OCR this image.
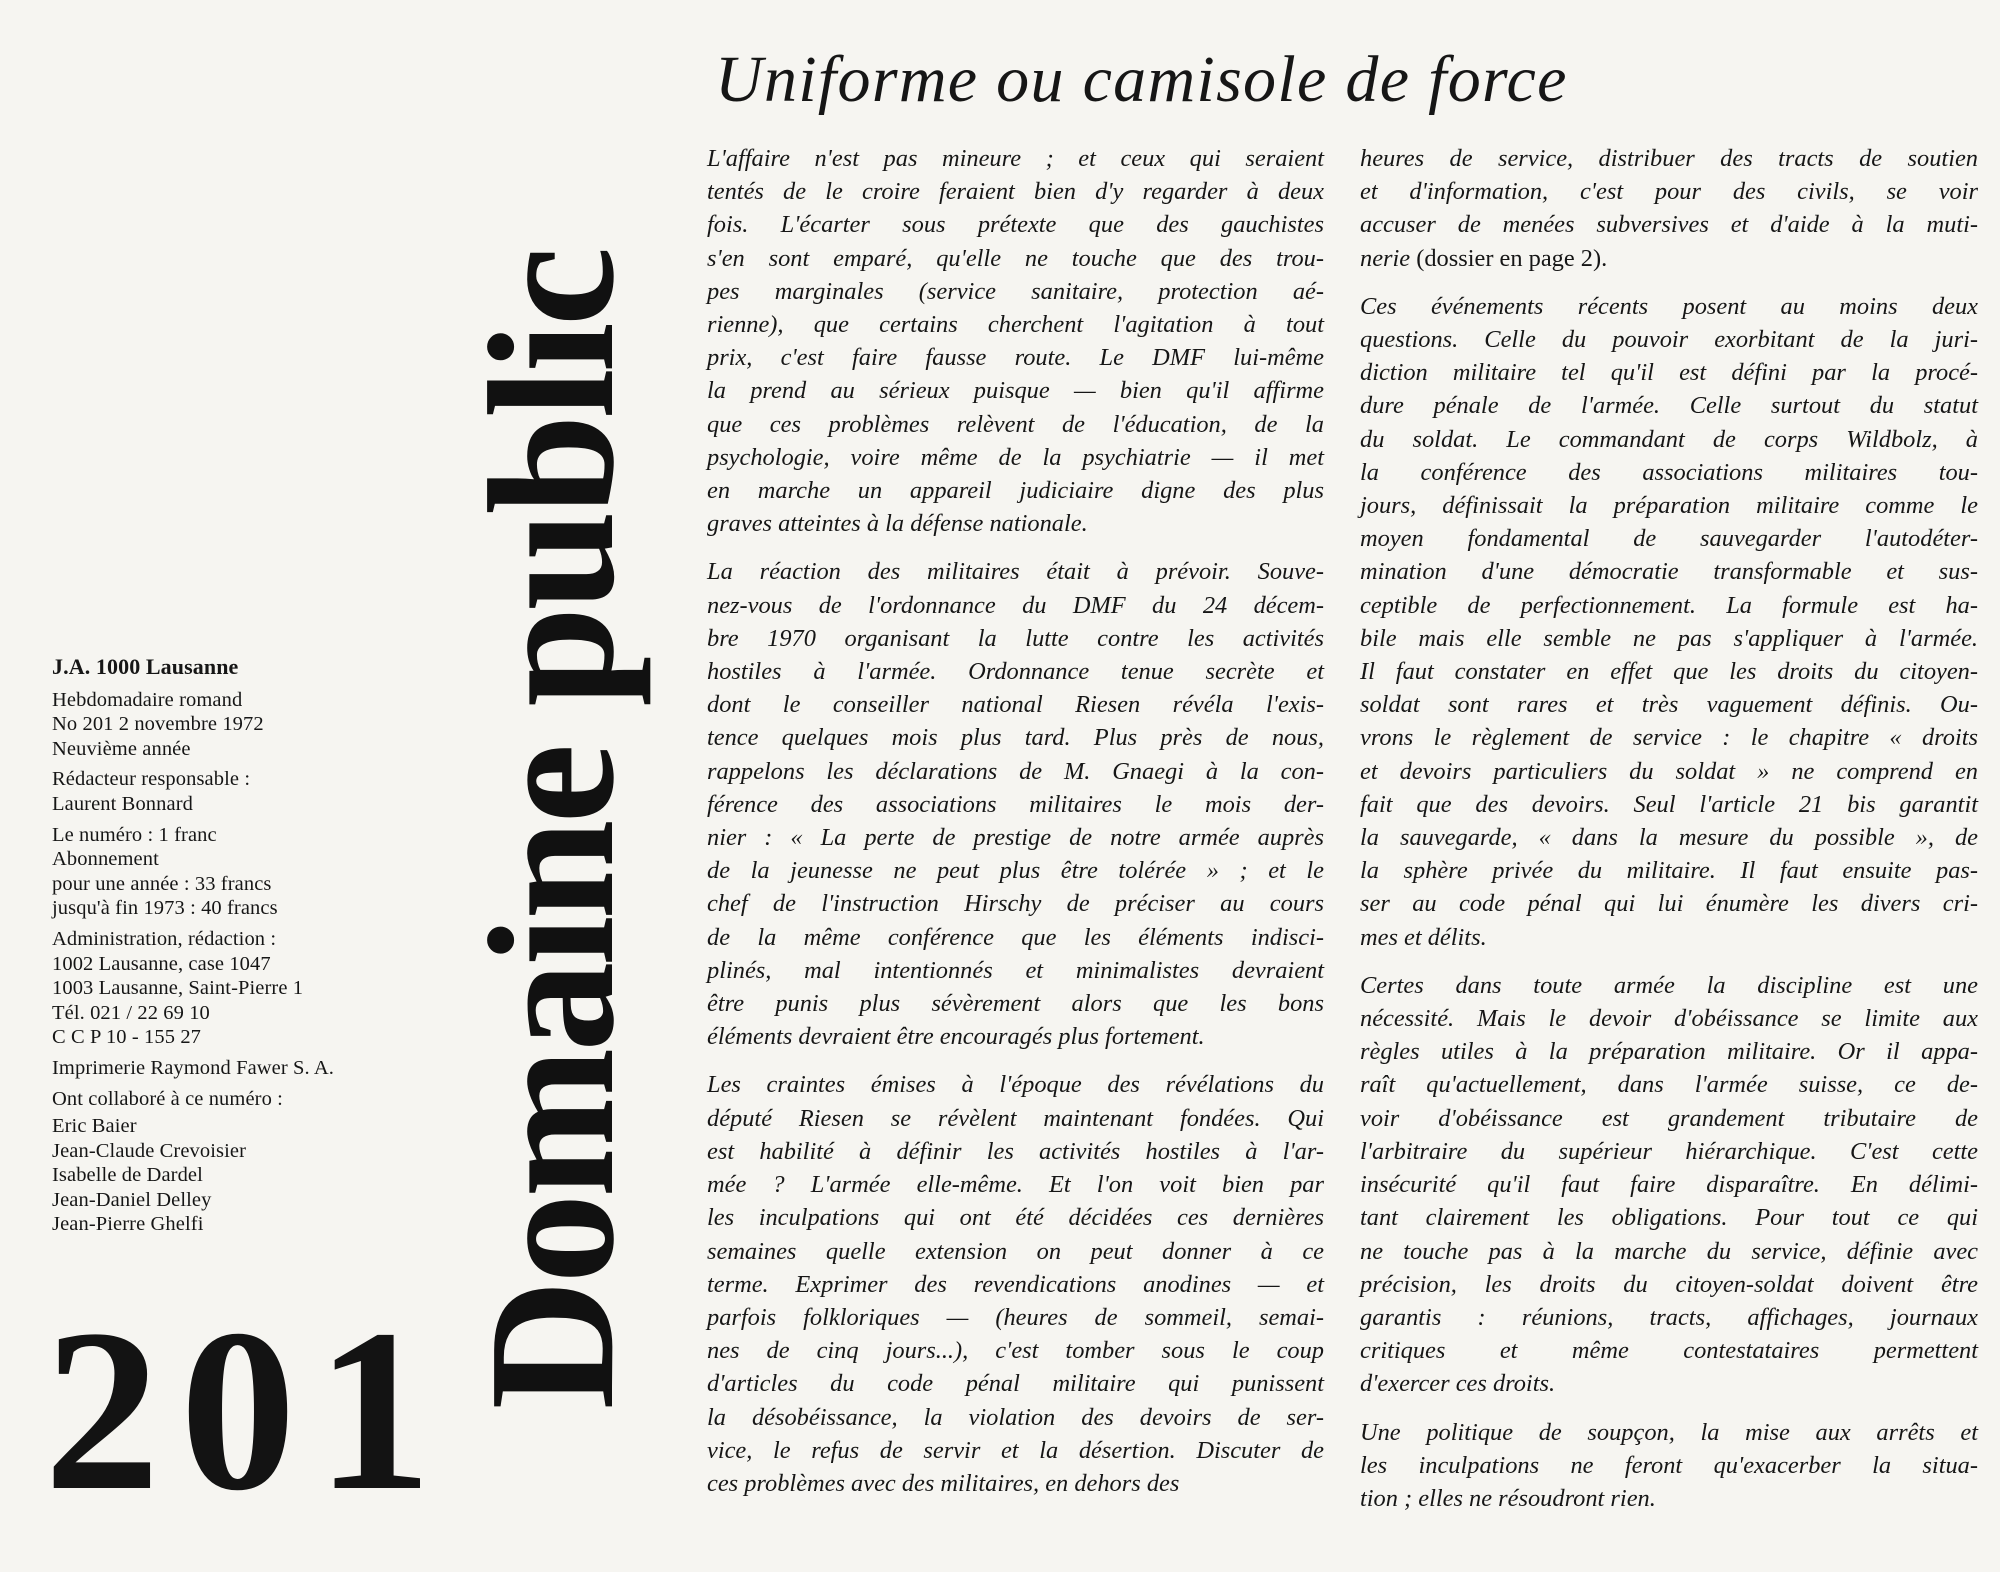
J.A. 1000 Lausanne
Hebdomadaire romand
No 201 2 novembre 1972
Neuvième année
Rédacteur responsable :
Laurent Bonnard
Le numéro : 1 franc
Abonnement
pour une année : 33 francs
jusqu'à fin 1973 : 40 francs
Administration, rédaction :
1002 Lausanne, case 1047
1003 Lausanne, Saint-Pierre 1
Tél. 021 / 22 69 10
C C P 10 - 155 27
Imprimerie Raymond Fawer S. A.
Ont collaboré à ce numéro :
Eric Baier
Jean-Claude Crevoisier
Isabelle de Dardel
Jean-Daniel Delley
Jean-Pierre Ghelfi
201
Domaine public
Uniforme ou camisole de force

L'affaire n'est pas mineure ; et ceux qui seraient
tentés de le croire feraient bien d'y regarder à deux
fois. L'écarter sous prétexte que des gauchistes
s'en sont emparé, qu'elle ne touche que des trou-
pes marginales (service sanitaire, protection aé-
rienne), que certains cherchent l'agitation à tout
prix, c'est faire fausse route. Le DMF lui-même
la prend au sérieux puisque — bien qu'il affirme
que ces problèmes relèvent de l'éducation, de la
psychologie, voire même de la psychiatrie — il met
en marche un appareil judiciaire digne des plus
graves atteintes à la défense nationale.

La réaction des militaires était à prévoir. Souve-
nez-vous de l'ordonnance du DMF du 24 décem-
bre 1970 organisant la lutte contre les activités
hostiles à l'armée. Ordonnance tenue secrète et
dont le conseiller national Riesen révéla l'exis-
tence quelques mois plus tard. Plus près de nous,
rappelons les déclarations de M. Gnaegi à la con-
férence des associations militaires le mois der-
nier : « La perte de prestige de notre armée auprès
de la jeunesse ne peut plus être tolérée » ; et le
chef de l'instruction Hirschy de préciser au cours
de la même conférence que les éléments indisci-
plinés, mal intentionnés et minimalistes devraient
être punis plus sévèrement alors que les bons
éléments devraient être encouragés plus fortement.

Les craintes émises à l'époque des révélations du
député Riesen se révèlent maintenant fondées. Qui
est habilité à définir les activités hostiles à l'ar-
mée ? L'armée elle-même. Et l'on voit bien par
les inculpations qui ont été décidées ces dernières
semaines quelle extension on peut donner à ce
terme. Exprimer des revendications anodines — et
parfois folkloriques — (heures de sommeil, semai-
nes de cinq jours...), c'est tomber sous le coup
d'articles du code pénal militaire qui punissent
la désobéissance, la violation des devoirs de ser-
vice, le refus de servir et la désertion. Discuter de
ces problèmes avec des militaires, en dehors des

heures de service, distribuer des tracts de soutien
et d'information, c'est pour des civils, se voir
accuser de menées subversives et d'aide à la muti-
nerie (dossier en page 2).

Ces événements récents posent au moins deux
questions. Celle du pouvoir exorbitant de la juri-
diction militaire tel qu'il est défini par la procé-
dure pénale de l'armée. Celle surtout du statut
du soldat. Le commandant de corps Wildbolz, à
la conférence des associations militaires tou-
jours, définissait la préparation militaire comme le
moyen fondamental de sauvegarder l'autodéter-
mination d'une démocratie transformable et sus-
ceptible de perfectionnement. La formule est ha-
bile mais elle semble ne pas s'appliquer à l'armée.
Il faut constater en effet que les droits du citoyen-
soldat sont rares et très vaguement définis. Ou-
vrons le règlement de service : le chapitre « droits
et devoirs particuliers du soldat » ne comprend en
fait que des devoirs. Seul l'article 21 bis garantit
la sauvegarde, « dans la mesure du possible », de
la sphère privée du militaire. Il faut ensuite pas-
ser au code pénal qui lui énumère les divers cri-
mes et délits.

Certes dans toute armée la discipline est une
nécessité. Mais le devoir d'obéissance se limite aux
règles utiles à la préparation militaire. Or il appa-
raît qu'actuellement, dans l'armée suisse, ce de-
voir d'obéissance est grandement tributaire de
l'arbitraire du supérieur hiérarchique. C'est cette
insécurité qu'il faut faire disparaître. En délimi-
tant clairement les obligations. Pour tout ce qui
ne touche pas à la marche du service, définie avec
précision, les droits du citoyen-soldat doivent être
garantis : réunions, tracts, affichages, journaux
critiques et même contestataires permettent
d'exercer ces droits.

Une politique de soupçon, la mise aux arrêts et
les inculpations ne feront qu'exacerber la situa-
tion ; elles ne résoudront rien.
